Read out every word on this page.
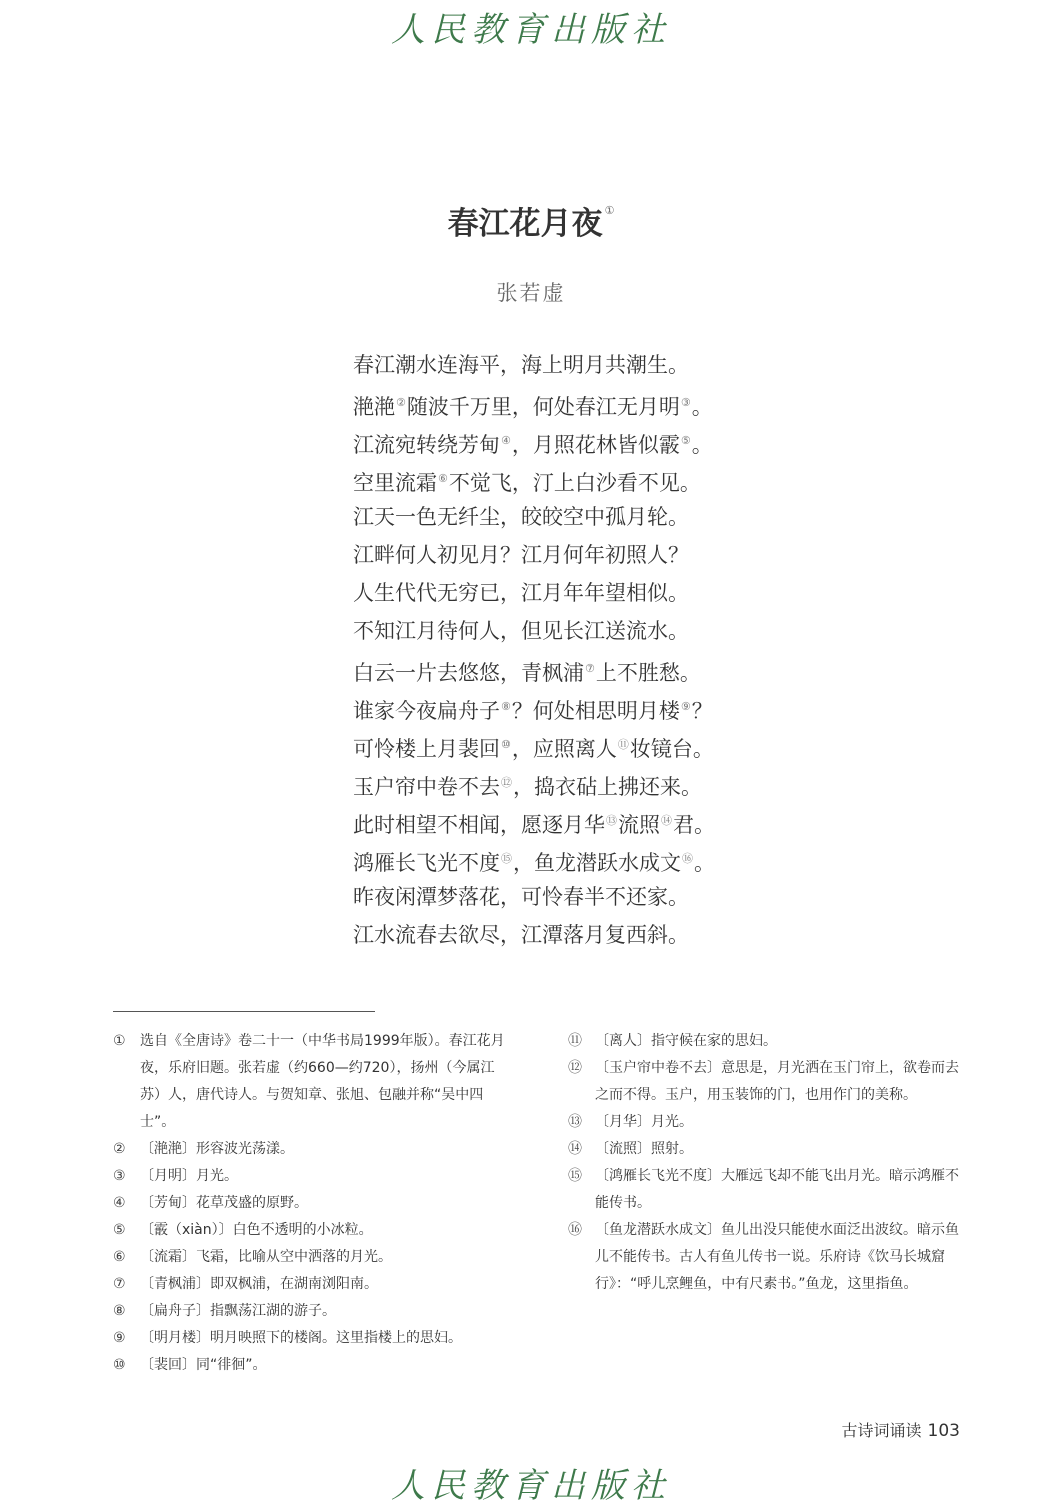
人民教育出版社
春江花月夜 ①
张若虚
春江潮水连海平，海上明月共潮生。
滟滟②随波千万里，何处春江无月明③。
江流宛转绕芳甸④，月照花林皆似霰⑤。
空里流霜⑥不觉飞，汀上白沙看不见。
江天一色无纤尘，皎皎空中孤月轮。
江畔何人初见月？江月何年初照人？
人生代代无穷已，江月年年望相似。
不知江月待何人，但见长江送流水。
白云一片去悠悠，青枫浦⑦上不胜愁。
谁家今夜扁舟子⑧？何处相思明月楼⑨？
可怜楼上月裴回⑩，应照离人⑪妆镜台。
玉户帘中卷不去⑫，捣衣砧上拂还来。
此时相望不相闻，愿逐月华⑬流照⑭君。
鸿雁长飞光不度⑮，鱼龙潜跃水成文⑯。
昨夜闲潭梦落花，可怜春半不还家。
江水流春去欲尽，江潭落月复西斜。
①	选自《全唐诗》卷二十一（中华书局1999年版）。春江花月夜，乐府旧题。张若虚（约660—约720），扬州（今属江苏）人，唐代诗人。与贺知章、张旭、包融并称“吴中四士”。
②	〔滟滟〕形容波光荡漾。
③	〔月明〕月光。
④	〔芳甸〕花草茂盛的原野。
⑤	〔霰（xiàn）〕白色不透明的小冰粒。
⑥	〔流霜〕飞霜，比喻从空中洒落的月光。
⑦	〔青枫浦〕即双枫浦，在湖南浏阳南。
⑧	〔扁舟子〕指飘荡江湖的游子。
⑨	〔明月楼〕明月映照下的楼阁。这里指楼上的思妇。
⑩	〔裴回〕同“徘徊”。
⑪ 〔离人〕指守候在家的思妇。
⑫ 〔玉户帘中卷不去〕意思是，月光洒在玉门帘上，欲卷而去之而不得。玉户，用玉装饰的门，也用作门的美称。
⑬ 〔月华〕月光。
⑭ 〔流照〕照射。
⑮ 〔鸿雁长飞光不度〕大雁远飞却不能飞出月光。暗示鸿雁不能传书。
⑯ 〔鱼龙潜跃水成文〕鱼儿出没只能使水面泛出波纹。暗示鱼儿不能传书。古人有鱼儿传书一说。乐府诗《饮马长城窟行》：“呼儿烹鲤鱼，中有尺素书。”鱼龙，这里指鱼。
古诗词诵读 103
人民教育出版社
